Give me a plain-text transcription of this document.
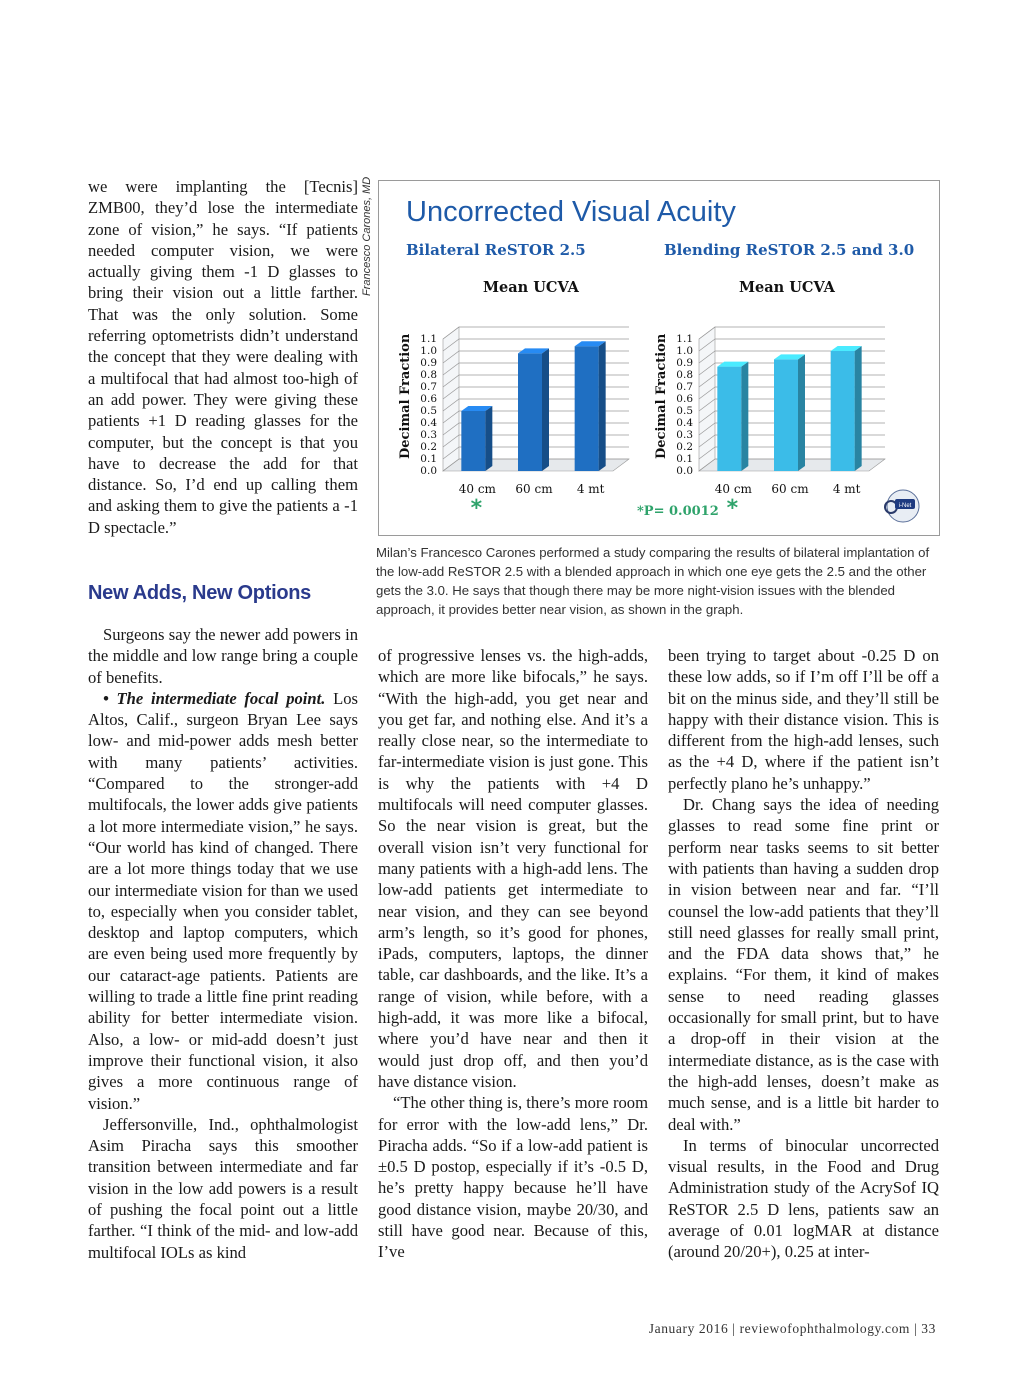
we were implanting the [Tecnis] ZMB00, they’d lose the intermediate zone of vision,” he says. “If patients needed computer vision, we were actually giving them -1 D glasses to bring their vision out a little farther. That was the only solution. Some referring optometrists didn’t understand the concept that they were dealing with a multifocal that had almost too-high of an add power. They were giving these patients +1 D reading glasses for the computer, but the concept is that you have to decrease the add for that distance. So, I’d end up calling them and asking them to give the patients a -1 D spectacle.”

Francesco Carones, MD
New Adds, New Options
Uncorrected Visual Acuity
Bilateral ReSTOR 2.5
Mean UCVA
0.0
0.1
0.2
0.3
0.4
0.5
0.6
0.7
0.8
0.9
1.0
1.1
Decimal Fraction
40 cm 60 cm 4 mt
*
Blending ReSTOR 2.5 and 3.0
Mean UCVA
0.0
0.1
0.2
0.3
0.4
0.5
0.6
0.7
0.8
0.9
1.0
1.1
Decimal Fraction
40 cm 60 cm 4 mt
*
*P= 0.0012	i-Net
Milan’s Francesco Carones performed a study comparing the results of bilateral implantation of the low-add ReSTOR 2.5 with a blended approach in which one eye gets the 2.5 and the other gets the 3.0. He says that though there may be more night-vision issues with the blended approach, it provides better near vision, as shown in the graph.

Surgeons say the newer add powers in the middle and low range bring a couple of benefits.

• The intermediate focal point. Los Altos, Calif., surgeon Bryan Lee says low- and mid-power adds mesh better with many patients’ activities. “Compared to the stronger-add multifocals, the lower adds give patients a lot more intermediate vision,” he says. “Our world has kind of changed. There are a lot more things today that we use our intermediate vision for than we used to, especially when you consider tablet, desktop and laptop computers, which are even being used more frequently by our cataract-age patients. Patients are willing to trade a little fine print reading ability for better intermediate vision. Also, a low- or mid-add doesn’t just improve their functional vision, it also gives a more continuous range of vision.”

Jeffersonville, Ind., ophthalmologist Asim Piracha says this smoother transition between intermediate and far vision in the low add powers is a result of pushing the focal point out a little farther. “I think of the mid- and low-add multifocal IOLs as kind

of progressive lenses vs. the high-adds, which are more like bifocals,” he says. “With the high-add, you get near and you get far, and nothing else. And it’s a really close near, so the intermediate to far-intermediate vision is just gone. This is why the patients with +4 D multifocals will need computer glasses. So the near vision is great, but the overall vision isn’t very functional for many patients with a high-add lens. The low-add patients get intermediate to near vision, and they can see beyond arm’s length, so it’s good for phones, iPads, computers, laptops, the dinner table, car dashboards, and the like. It’s a range of vision, while before, with a high-add, it was more like a bifocal, where you’d have near and then it would just drop off, and then you’d have distance vision.

“The other thing is, there’s more room for error with the low-add lens,” Dr. Piracha adds. “So if a low-add patient is ±0.5 D postop, especially if it’s -0.5 D, he’s pretty happy because he’ll have good distance vision, maybe 20/30, and still have good near. Because of this, I’ve

been trying to target about -0.25 D on these low adds, so if I’m off I’ll be off a bit on the minus side, and they’ll still be happy with their distance vision. This is different from the high-add lenses, such as the +4 D, where if the patient isn’t perfectly plano he’s unhappy.”

Dr. Chang says the idea of needing glasses to read some fine print or perform near tasks seems to sit better with patients than having a sudden drop in vision between near and far. “I’ll counsel the low-add patients that they’ll still need glasses for really small print, and the FDA data shows that,” he explains. “For them, it kind of makes sense to need reading glasses occasionally for small print, but to have a drop-off in their vision at the intermediate distance, as is the case with the high-add lenses, doesn’t make as much sense, and is a little bit harder to deal with.”

In terms of binocular uncorrected visual results, in the Food and Drug Administration study of the AcrySof IQ ReSTOR 2.5 D lens, patients saw an average of 0.01 logMAR at distance (around 20/20+), 0.25 at inter-

January 2016 | reviewofophthalmology.com | 33
